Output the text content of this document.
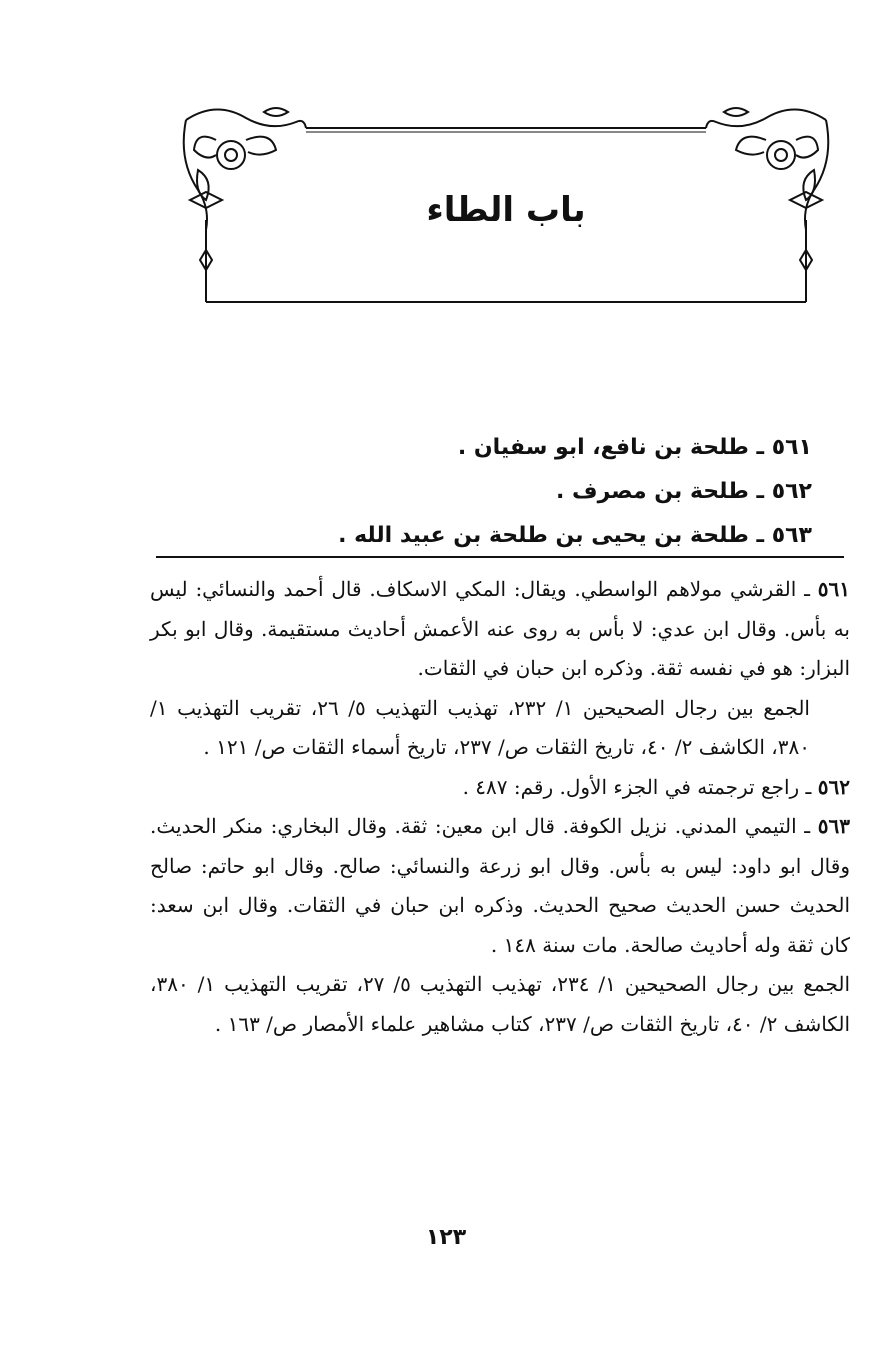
باب الطاء
٥٦١ ـ طلحة بن نافع، ابو سفيان .
٥٦٢ ـ طلحة بن مصرف .
٥٦٣ ـ طلحة بن يحيى بن طلحة بن عبيد الله .

٥٦١ ـ القرشي مولاهم الواسطي. ويقال: المكي الاسكاف. قال أحمد والنسائي: ليس به بأس. وقال ابن عدي: لا بأس به روى عنه الأعمش أحاديث مستقيمة. وقال ابو بكر البزار: هو في نفسه ثقة. وذكره ابن حبان في الثقات.

الجمع بين رجال الصحيحين ١/ ٢٣٢، تهذيب التهذيب ٥/ ٢٦، تقريب التهذيب ١/ ٣٨٠، الكاشف ٢/ ٤٠، تاريخ الثقات ص/ ٢٣٧، تاريخ أسماء الثقات ص/ ١٢١ .

٥٦٢ ـ راجع ترجمته في الجزء الأول. رقم: ٤٨٧ .

٥٦٣ ـ التيمي المدني. نزيل الكوفة. قال ابن معين: ثقة. وقال البخاري: منكر الحديث. وقال ابو داود: ليس به بأس. وقال ابو زرعة والنسائي: صالح. وقال ابو حاتم: صالح الحديث حسن الحديث صحيح الحديث. وذكره ابن حبان في الثقات. وقال ابن سعد: كان ثقة وله أحاديث صالحة. مات سنة ١٤٨ .

الجمع بين رجال الصحيحين ١/ ٢٣٤، تهذيب التهذيب ٥/ ٢٧، تقريب التهذيب ١/ ٣٨٠، الكاشف ٢/ ٤٠، تاريخ الثقات ص/ ٢٣٧، كتاب مشاهير علماء الأمصار ص/ ١٦٣ .

١٢٣
